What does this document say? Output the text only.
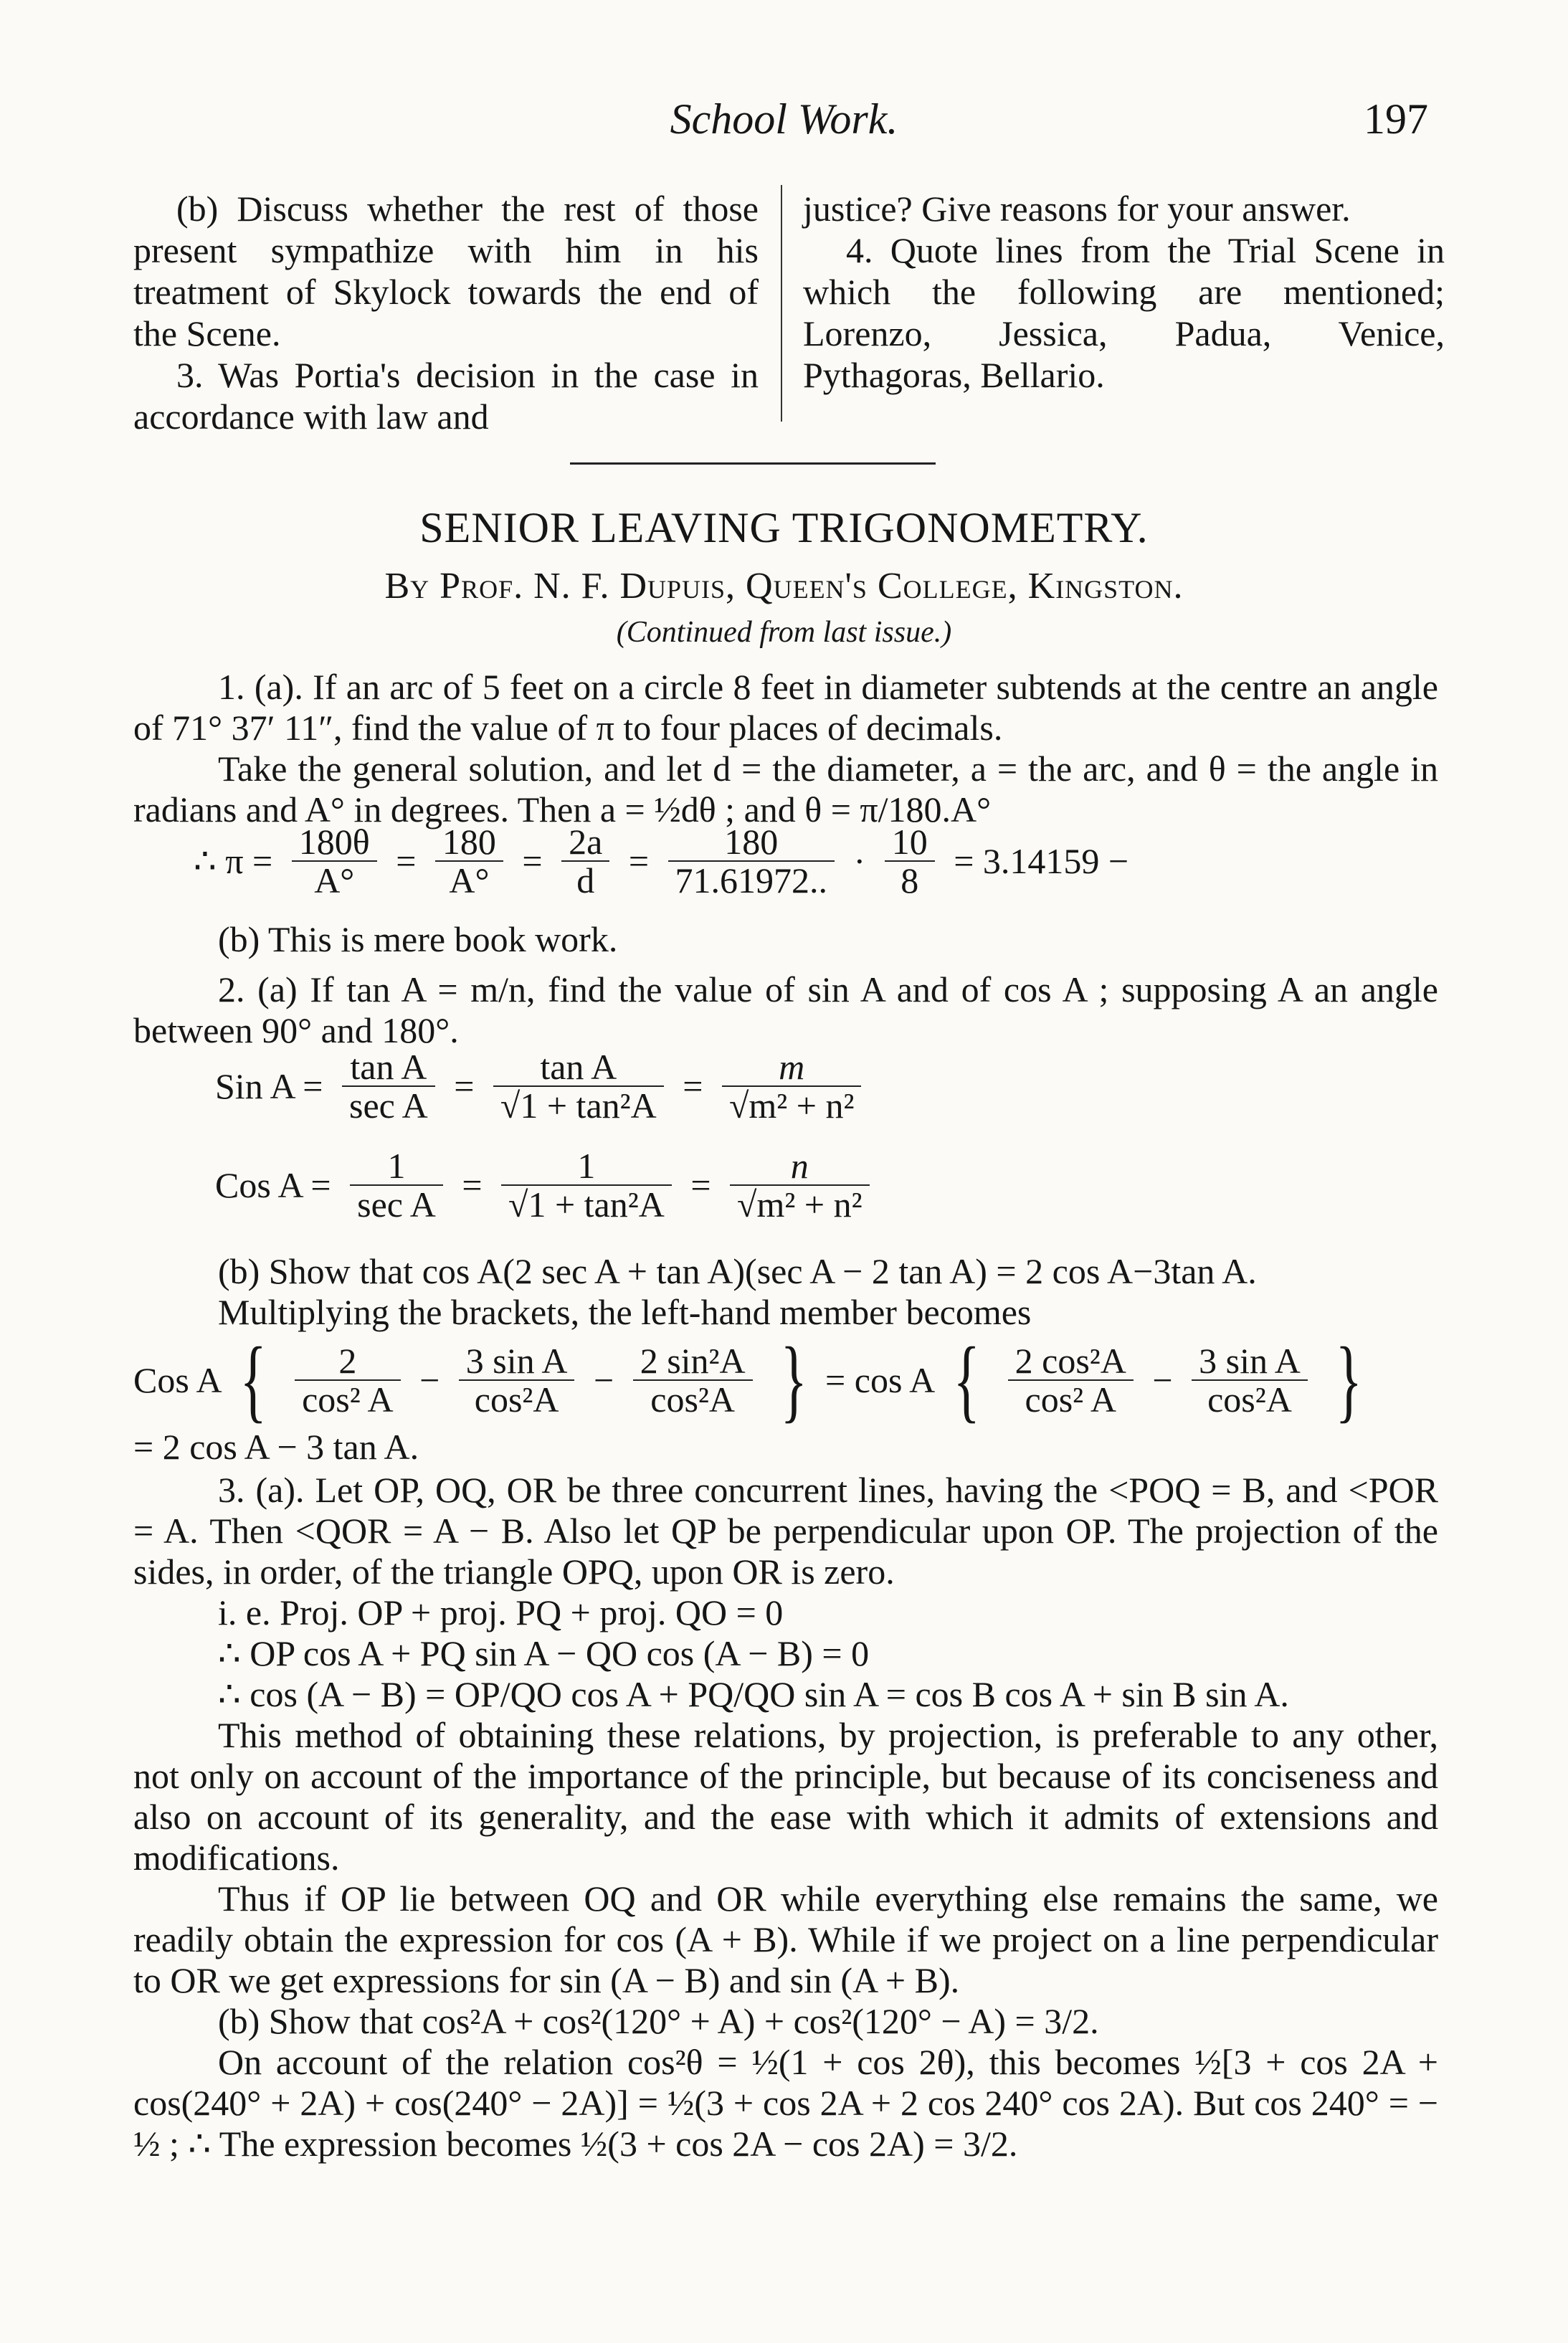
School Work.	197

(b) Discuss whether the rest of those present sympathize with him in his treatment of Skylock towards the end of the Scene.

3. Was Portia's decision in the case in accordance with law and

justice? Give reasons for your answer.

4. Quote lines from the Trial Scene in which the following are mentioned; Lorenzo, Jessica, Padua, Venice, Pythagoras, Bellario.

SENIOR LEAVING TRIGONOMETRY.
By Prof. N. F. Dupuis, Queen's College, Kingston.
(Continued from last issue.)

1. (a). If an arc of 5 feet on a circle 8 feet in diameter subtends at the centre an angle of 71° 37′ 11″, find the value of π to four places of decimals.

Take the general solution, and let d = the diameter, a = the arc, and θ = the angle in radians and A° in degrees. Then a = ½dθ ; and θ = π/180.A°

∴ $\pi = \frac{180\theta}{A^\circ} = \frac{180}{A^\circ} = \frac{2a}{d} = \frac{180}{71.61972..} \cdot \frac{10}{8} = 3.14159$ −

(b) This is mere book work.

2. (a) If tan A = m/n, find the value of sin A and of cos A ; supposing A an angle between 90° and 180°.

Sin $A = \frac{\text{tan A}}{\text{sec A}} = \frac{\text{tan A}}{\text{√1 + tan²A}} = \frac{m}{\text{√m² + n²}}$
Cos $A = \frac{1}{\text{sec A}} = \frac{1}{\text{√1 + tan²A}} = \frac{n}{\text{√m² + n²}}$

(b) Show that cos A(2 sec A + tan A)(sec A − 2 tan A) = 2 cos A−3tan A.

Multiplying the brackets, the left-hand member becomes

Cos A { $\frac{2}{\text{cos² A}} - \frac{\text{3 sin A}}{\text{cos²A}} - \frac{\text{2 sin²A}}{\text{cos²A}}$ } = cos A { $\frac{\text{2 cos²A}}{\text{cos² A}} - \frac{\text{3 sin A}}{\text{cos²A}}$ }

= 2 cos A − 3 tan A.

3. (a). Let OP, OQ, OR be three concurrent lines, having the <POQ = B, and <POR = A. Then <QOR = A − B. Also let QP be perpendicular upon OP. The projection of the sides, in order, of the triangle OPQ, upon OR is zero.

i. e. Proj. OP + proj. PQ + proj. QO = 0

∴ OP cos A + PQ sin A − QO cos (A − B) = 0

∴ cos (A − B) = OP/QO cos A + PQ/QO sin A = cos B cos A + sin B sin A.

This method of obtaining these relations, by projection, is preferable to any other, not only on account of the importance of the principle, but because of its conciseness and also on account of its generality, and the ease with which it admits of extensions and modifications.

Thus if OP lie between OQ and OR while everything else remains the same, we readily obtain the expression for cos (A + B). While if we project on a line perpendicular to OR we get expressions for sin (A − B) and sin (A + B).

(b) Show that cos²A + cos²(120° + A) + cos²(120° − A) = 3/2.

On account of the relation cos²θ = ½(1 + cos 2θ), this becomes ½[3 + cos 2A + cos(240° + 2A) + cos(240° − 2A)] = ½(3 + cos 2A + 2 cos 240° cos 2A). But cos 240° = − ½ ; ∴ The expression becomes ½(3 + cos 2A − cos 2A) = 3/2.
